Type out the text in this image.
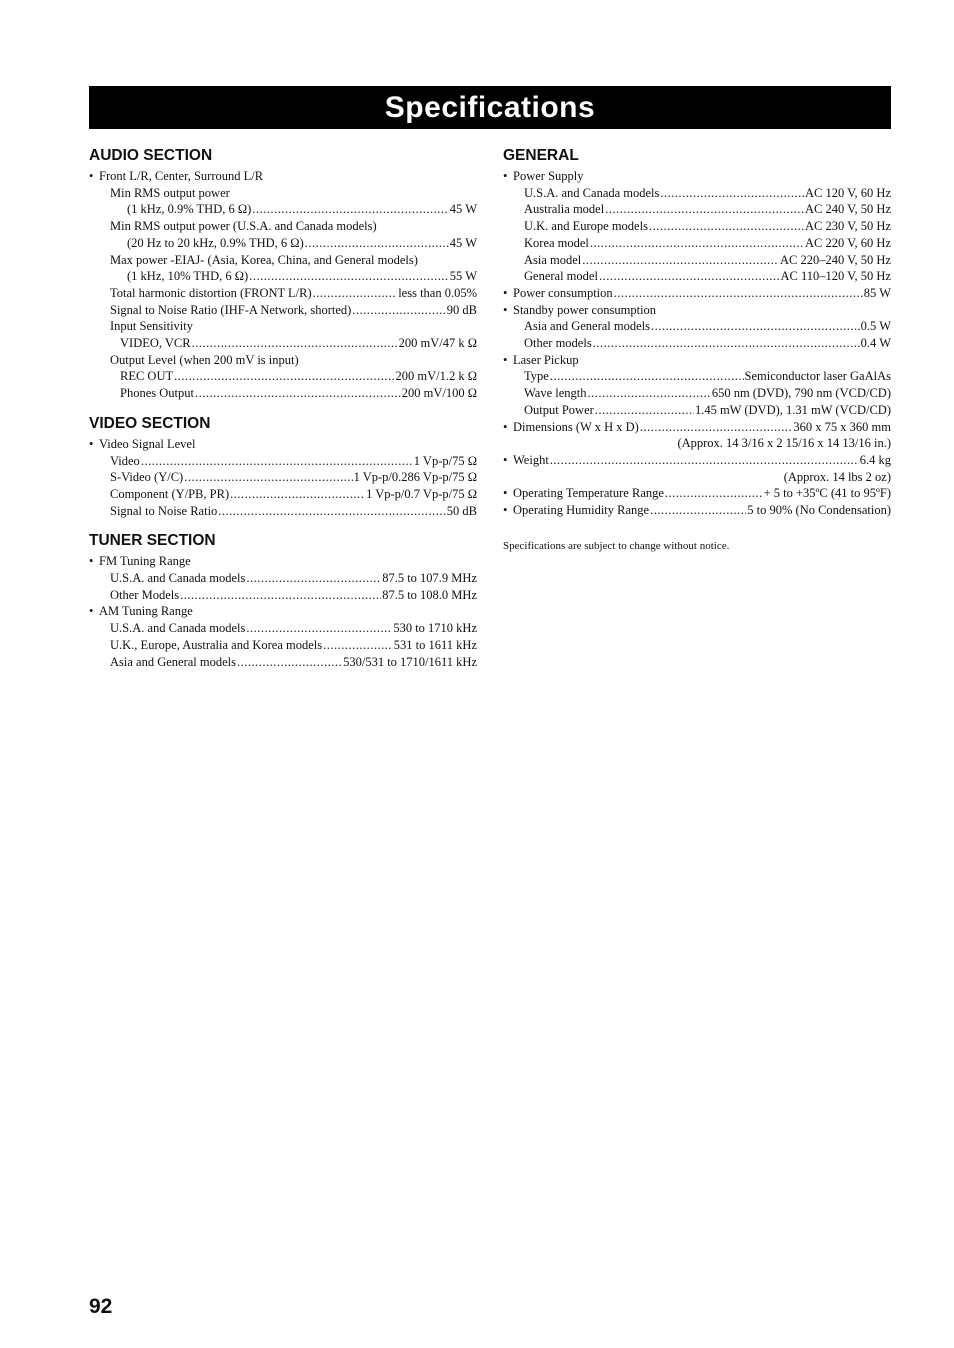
Specifications
AUDIO SECTION
• Front L/R, Center, Surround L/R
Min RMS output power
(1 kHz, 0.9% THD, 6 Ω) .....	45 W
Min RMS output power (U.S.A. and Canada models)
(20 Hz to 20 kHz, 0.9% THD, 6 Ω) .....	45 W
Max power -EIAJ- (Asia, Korea, China, and General models)
(1 kHz, 10% THD, 6 Ω) .....	55 W
Total harmonic distortion (FRONT L/R) .....	less than 0.05%
Signal to Noise Ratio (IHF-A Network, shorted) .....	90 dB
Input Sensitivity
VIDEO, VCR .....	200 mV/47 k Ω
Output Level (when 200 mV is input)
REC OUT .....	200 mV/1.2 k Ω
Phones Output .....	200 mV/100 Ω
VIDEO SECTION
• Video Signal Level
Video .....	1 Vp-p/75 Ω
S-Video (Y/C) .....	1 Vp-p/0.286 Vp-p/75 Ω
Component (Y/PB, PR) .....	1 Vp-p/0.7 Vp-p/75 Ω
Signal to Noise Ratio .....	50 dB
TUNER SECTION
• FM Tuning Range
U.S.A. and Canada models .....	87.5 to 107.9 MHz
Other Models .....	87.5 to 108.0 MHz
• AM Tuning Range
U.S.A. and Canada models .....	530 to 1710 kHz
U.K., Europe, Australia and Korea models .....	531 to 1611 kHz
Asia and General models .....	530/531 to 1710/1611 kHz
GENERAL
• Power Supply
U.S.A. and Canada models .....	AC 120 V, 60 Hz
Australia model .....	AC 240 V, 50 Hz
U.K. and Europe models .....	AC 230 V, 50 Hz
Korea model .....	AC 220 V, 60 Hz
Asia model .....	AC 220–240 V, 50 Hz
General model .....	AC 110–120 V, 50 Hz
• Power consumption .....	85 W
• Standby power consumption
Asia and General models .....	0.5 W
Other models .....	0.4 W
• Laser Pickup
Type .....	Semiconductor laser GaAlAs
Wave length .....	650 nm (DVD), 790 nm (VCD/CD)
Output Power .....	1.45 mW (DVD), 1.31 mW (VCD/CD)
• Dimensions (W x H x D) .....	360 x 75 x 360 mm
(Approx. 14 3/16 x 2 15/16 x 14 13/16 in.)
• Weight .....	6.4 kg
(Approx. 14 lbs 2 oz)
• Operating Temperature Range .....	+ 5 to +35ºC (41 to 95ºF)
• Operating Humidity Range .....	5 to 90% (No Condensation)
Specifications are subject to change without notice.
92
